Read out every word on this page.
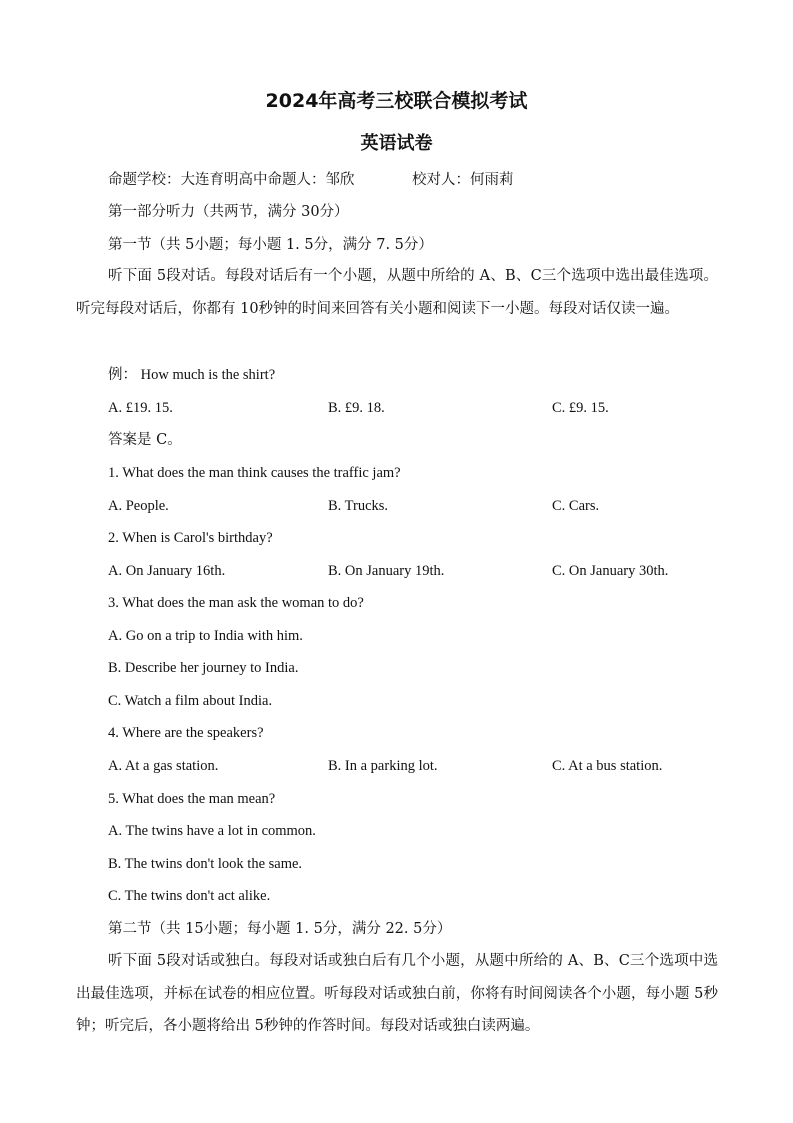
2024年高考三校联合模拟考试
英语试卷
命题学校：大连育明高中命题人：邹欣	校对人：何雨莉
第一部分听力（共两节，满分 30分）
第一节（共 5小题；每小题 1. 5分，满分 7. 5分）
听下面 5段对话。每段对话后有一个小题，从题中所给的 A、B、C三个选项中选出最佳选项。听完每段对话后，你都有 10秒钟的时间来回答有关小题和阅读下一小题。每段对话仅读一遍。
例： How much is the shirt?
A. £19. 15.	B. £9. 18.	C. £9. 15.
答案是 C。
1. What does the man think causes the traffic jam?
A. People.	B. Trucks.	C. Cars.
2. When is Carol's birthday?
A. On January 16th.	B. On January 19th.	C. On January 30th.
3. What does the man ask the woman to do?
A. Go on a trip to India with him.
B. Describe her journey to India.
C. Watch a film about India.
4. Where are the speakers?
A. At a gas station.	B. In a parking lot.	C. At a bus station.
5. What does the man mean?
A. The twins have a lot in common.
B. The twins don't look the same.
C. The twins don't act alike.
第二节（共 15小题；每小题 1. 5分，满分 22. 5分）
听下面 5段对话或独白。每段对话或独白后有几个小题，从题中所给的 A、B、C三个选项中选出最佳选项，并标在试卷的相应位置。听每段对话或独白前，你将有时间阅读各个小题，每小题 5秒钟；听完后，各小题将给出 5秒钟的作答时间。每段对话或独白读两遍。
